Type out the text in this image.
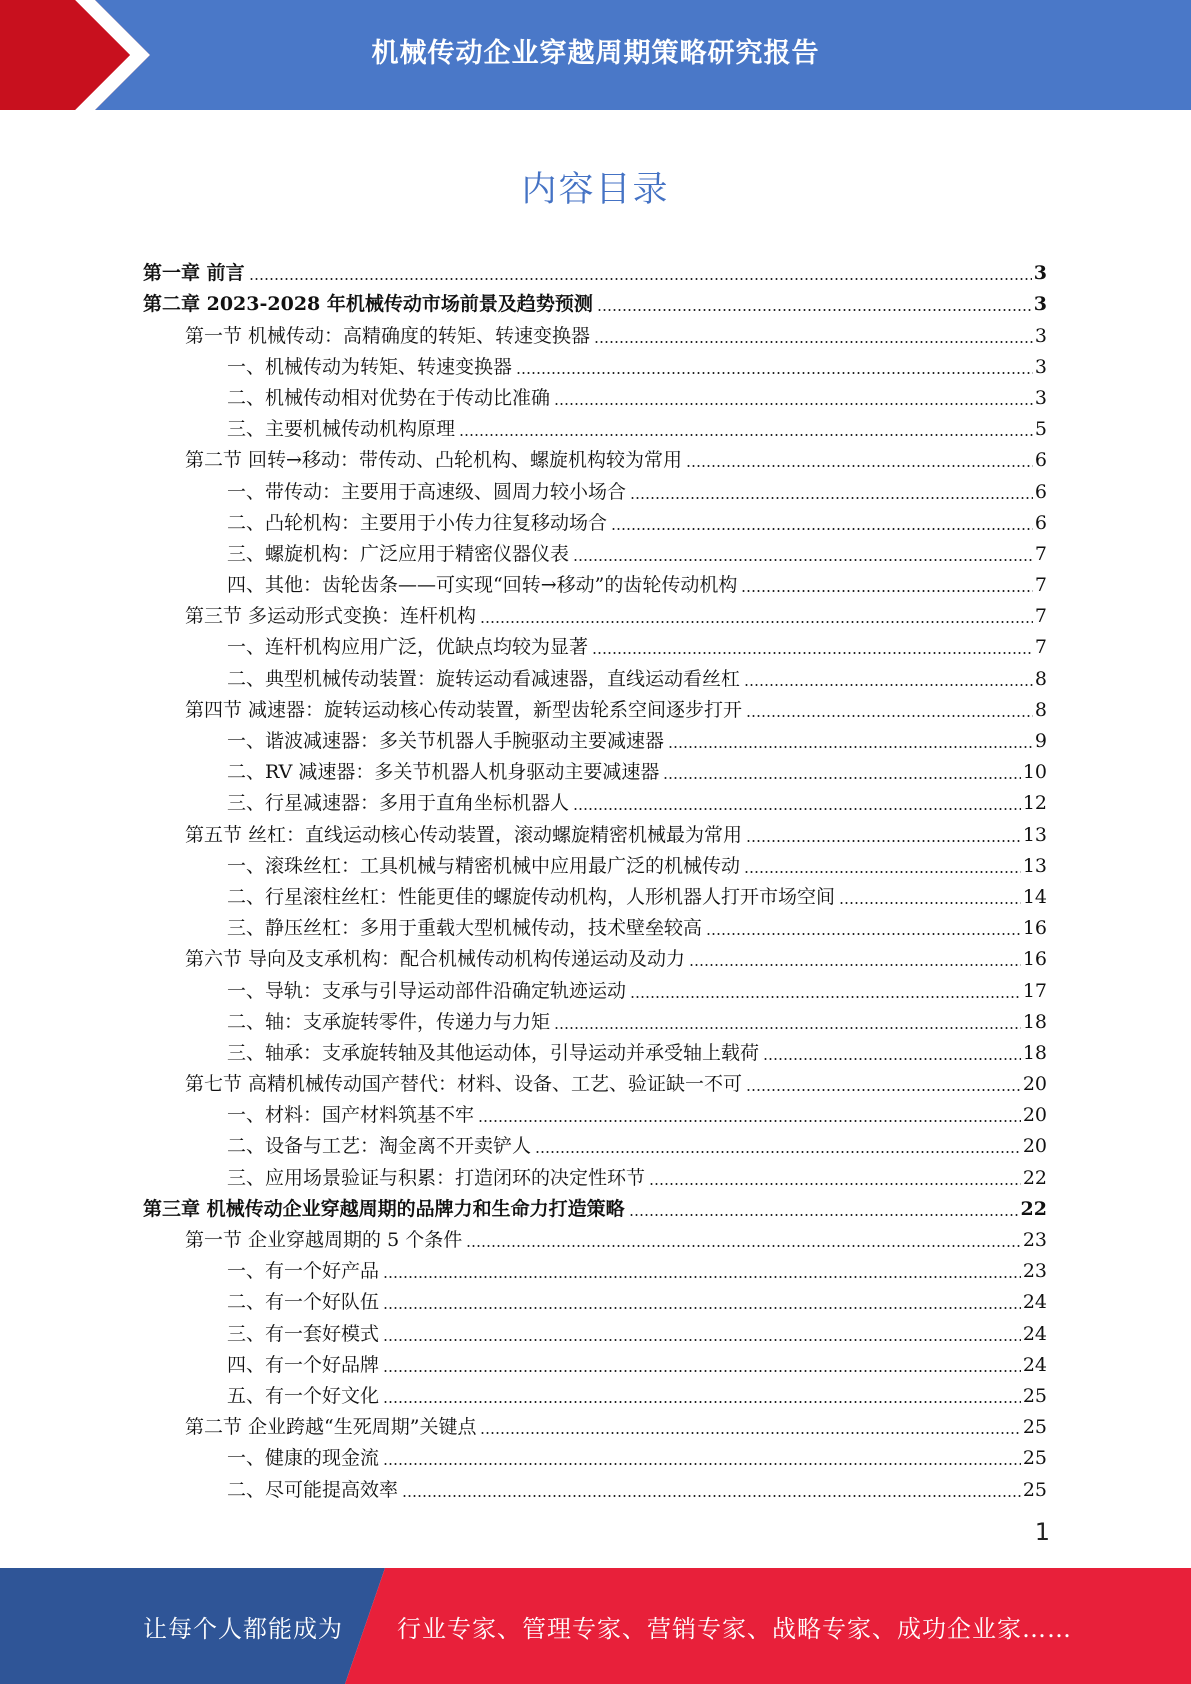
机械传动企业穿越周期策略研究报告
内容目录
第一章 前言	3
第二章 2023-2028 年机械传动市场前景及趋势预测	3
第一节 机械传动：高精确度的转矩、转速变换器	3
一、机械传动为转矩、转速变换器	3
二、机械传动相对优势在于传动比准确	3
三、主要机械传动机构原理	5
第二节 回转→移动：带传动、凸轮机构、螺旋机构较为常用	6
一、带传动：主要用于高速级、圆周力较小场合	6
二、凸轮机构：主要用于小传力往复移动场合	6
三、螺旋机构：广泛应用于精密仪器仪表	7
四、其他：齿轮齿条——可实现“回转→移动”的齿轮传动机构	7
第三节 多运动形式变换：连杆机构	7
一、连杆机构应用广泛，优缺点均较为显著	7
二、典型机械传动装置：旋转运动看减速器，直线运动看丝杠	8
第四节 减速器：旋转运动核心传动装置，新型齿轮系空间逐步打开	8
一、谐波减速器：多关节机器人手腕驱动主要减速器	9
二、RV 减速器：多关节机器人机身驱动主要减速器	10
三、行星减速器：多用于直角坐标机器人	12
第五节 丝杠：直线运动核心传动装置，滚动螺旋精密机械最为常用	13
一、滚珠丝杠：工具机械与精密机械中应用最广泛的机械传动	13
二、行星滚柱丝杠：性能更佳的螺旋传动机构，人形机器人打开市场空间	14
三、静压丝杠：多用于重载大型机械传动，技术壁垒较高	16
第六节 导向及支承机构：配合机械传动机构传递运动及动力	16
一、导轨：支承与引导运动部件沿确定轨迹运动	17
二、轴：支承旋转零件，传递力与力矩	18
三、轴承：支承旋转轴及其他运动体，引导运动并承受轴上载荷	18
第七节 高精机械传动国产替代：材料、设备、工艺、验证缺一不可	20
一、材料：国产材料筑基不牢	20
二、设备与工艺：淘金离不开卖铲人	20
三、应用场景验证与积累：打造闭环的决定性环节	22
第三章 机械传动企业穿越周期的品牌力和生命力打造策略	22
第一节 企业穿越周期的 5 个条件	23
一、有一个好产品	23
二、有一个好队伍	24
三、有一套好模式	24
四、有一个好品牌	24
五、有一个好文化	25
第二节 企业跨越“生死周期”关键点	25
一、健康的现金流	25
二、尽可能提高效率	25
1
让每个人都能成为 行业专家、管理专家、营销专家、战略专家、成功企业家……
